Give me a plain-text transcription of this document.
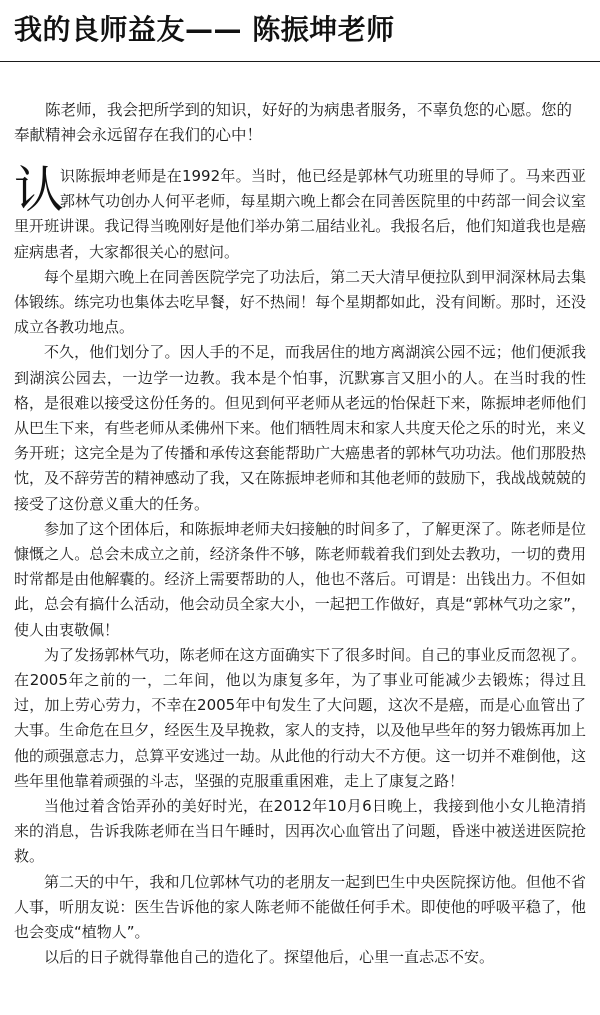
我的良师益友—— 陈振坤老师

陈老师，我会把所学到的知识，好好的为病患者服务，不辜负您的心愿。您的奉献精神会永远留存在我们的心中！

认
识陈振坤老师是在1992年。当时，他已经是郭林气功班里的导师了。马来西亚郭林气功创办人何平老师，每星期六晚上都会在同善医院里的中药部一间会议室里开班讲课。我记得当晚刚好是他们举办第二届结业礼。我报名后，他们知道我也是癌症病患者，大家都很关心的慰问。

每个星期六晚上在同善医院学完了功法后，第二天大清早便拉队到甲洞深林局去集体锻练。练完功也集体去吃早餐，好不热闹！每个星期都如此，没有间断。那时，还没成立各教功地点。

不久，他们划分了。因人手的不足，而我居住的地方离湖滨公园不远；他们便派我到湖滨公园去，一边学一边教。我本是个怕事，沉默寡言又胆小的人。在当时我的性格，是很难以接受这份任务的。但见到何平老师从老远的怡保赶下来，陈振坤老师他们从巴生下来，有些老师从柔佛州下来。他们牺牲周末和家人共度天伦之乐的时光，来义务开班；这完全是为了传播和承传这套能帮助广大癌患者的郭林气功功法。他们那股热忱，及不辞劳苦的精神感动了我，又在陈振坤老师和其他老师的鼓励下，我战战兢兢的接受了这份意义重大的任务。

参加了这个团体后，和陈振坤老师夫妇接触的时间多了，了解更深了。陈老师是位慷慨之人。总会未成立之前，经济条件不够，陈老师载着我们到处去教功，一切的费用时常都是由他解囊的。经济上需要帮助的人，他也不落后。可谓是：出钱出力。不但如此，总会有搞什么活动，他会动员全家大小，一起把工作做好，真是“郭林气功之家”，使人由衷敬佩！

为了发扬郭林气功，陈老师在这方面确实下了很多时间。自己的事业反而忽视了。在2005年之前的一，二年间，他以为康复多年，为了事业可能减少去锻炼；得过且过，加上劳心劳力，不幸在2005年中旬发生了大问题，这次不是癌，而是心血管出了大事。生命危在旦夕，经医生及早挽救，家人的支持，以及他早些年的努力锻炼再加上他的顽强意志力，总算平安逃过一劫。从此他的行动大不方便。这一切并不难倒他，这些年里他靠着顽强的斗志，坚强的克服重重困难，走上了康复之路！

当他过着含饴弄孙的美好时光，在2012年10月6日晚上，我接到他小女儿艳清捎来的消息，告诉我陈老师在当日午睡时，因再次心血管出了问题，昏迷中被送进医院抢救。

第二天的中午，我和几位郭林气功的老朋友一起到巴生中央医院探访他。但他不省人事，听朋友说：医生告诉他的家人陈老师不能做任何手术。即使他的呼吸平稳了，他也会变成“植物人”。

以后的日子就得靠他自己的造化了。探望他后，心里一直忐忑不安。
